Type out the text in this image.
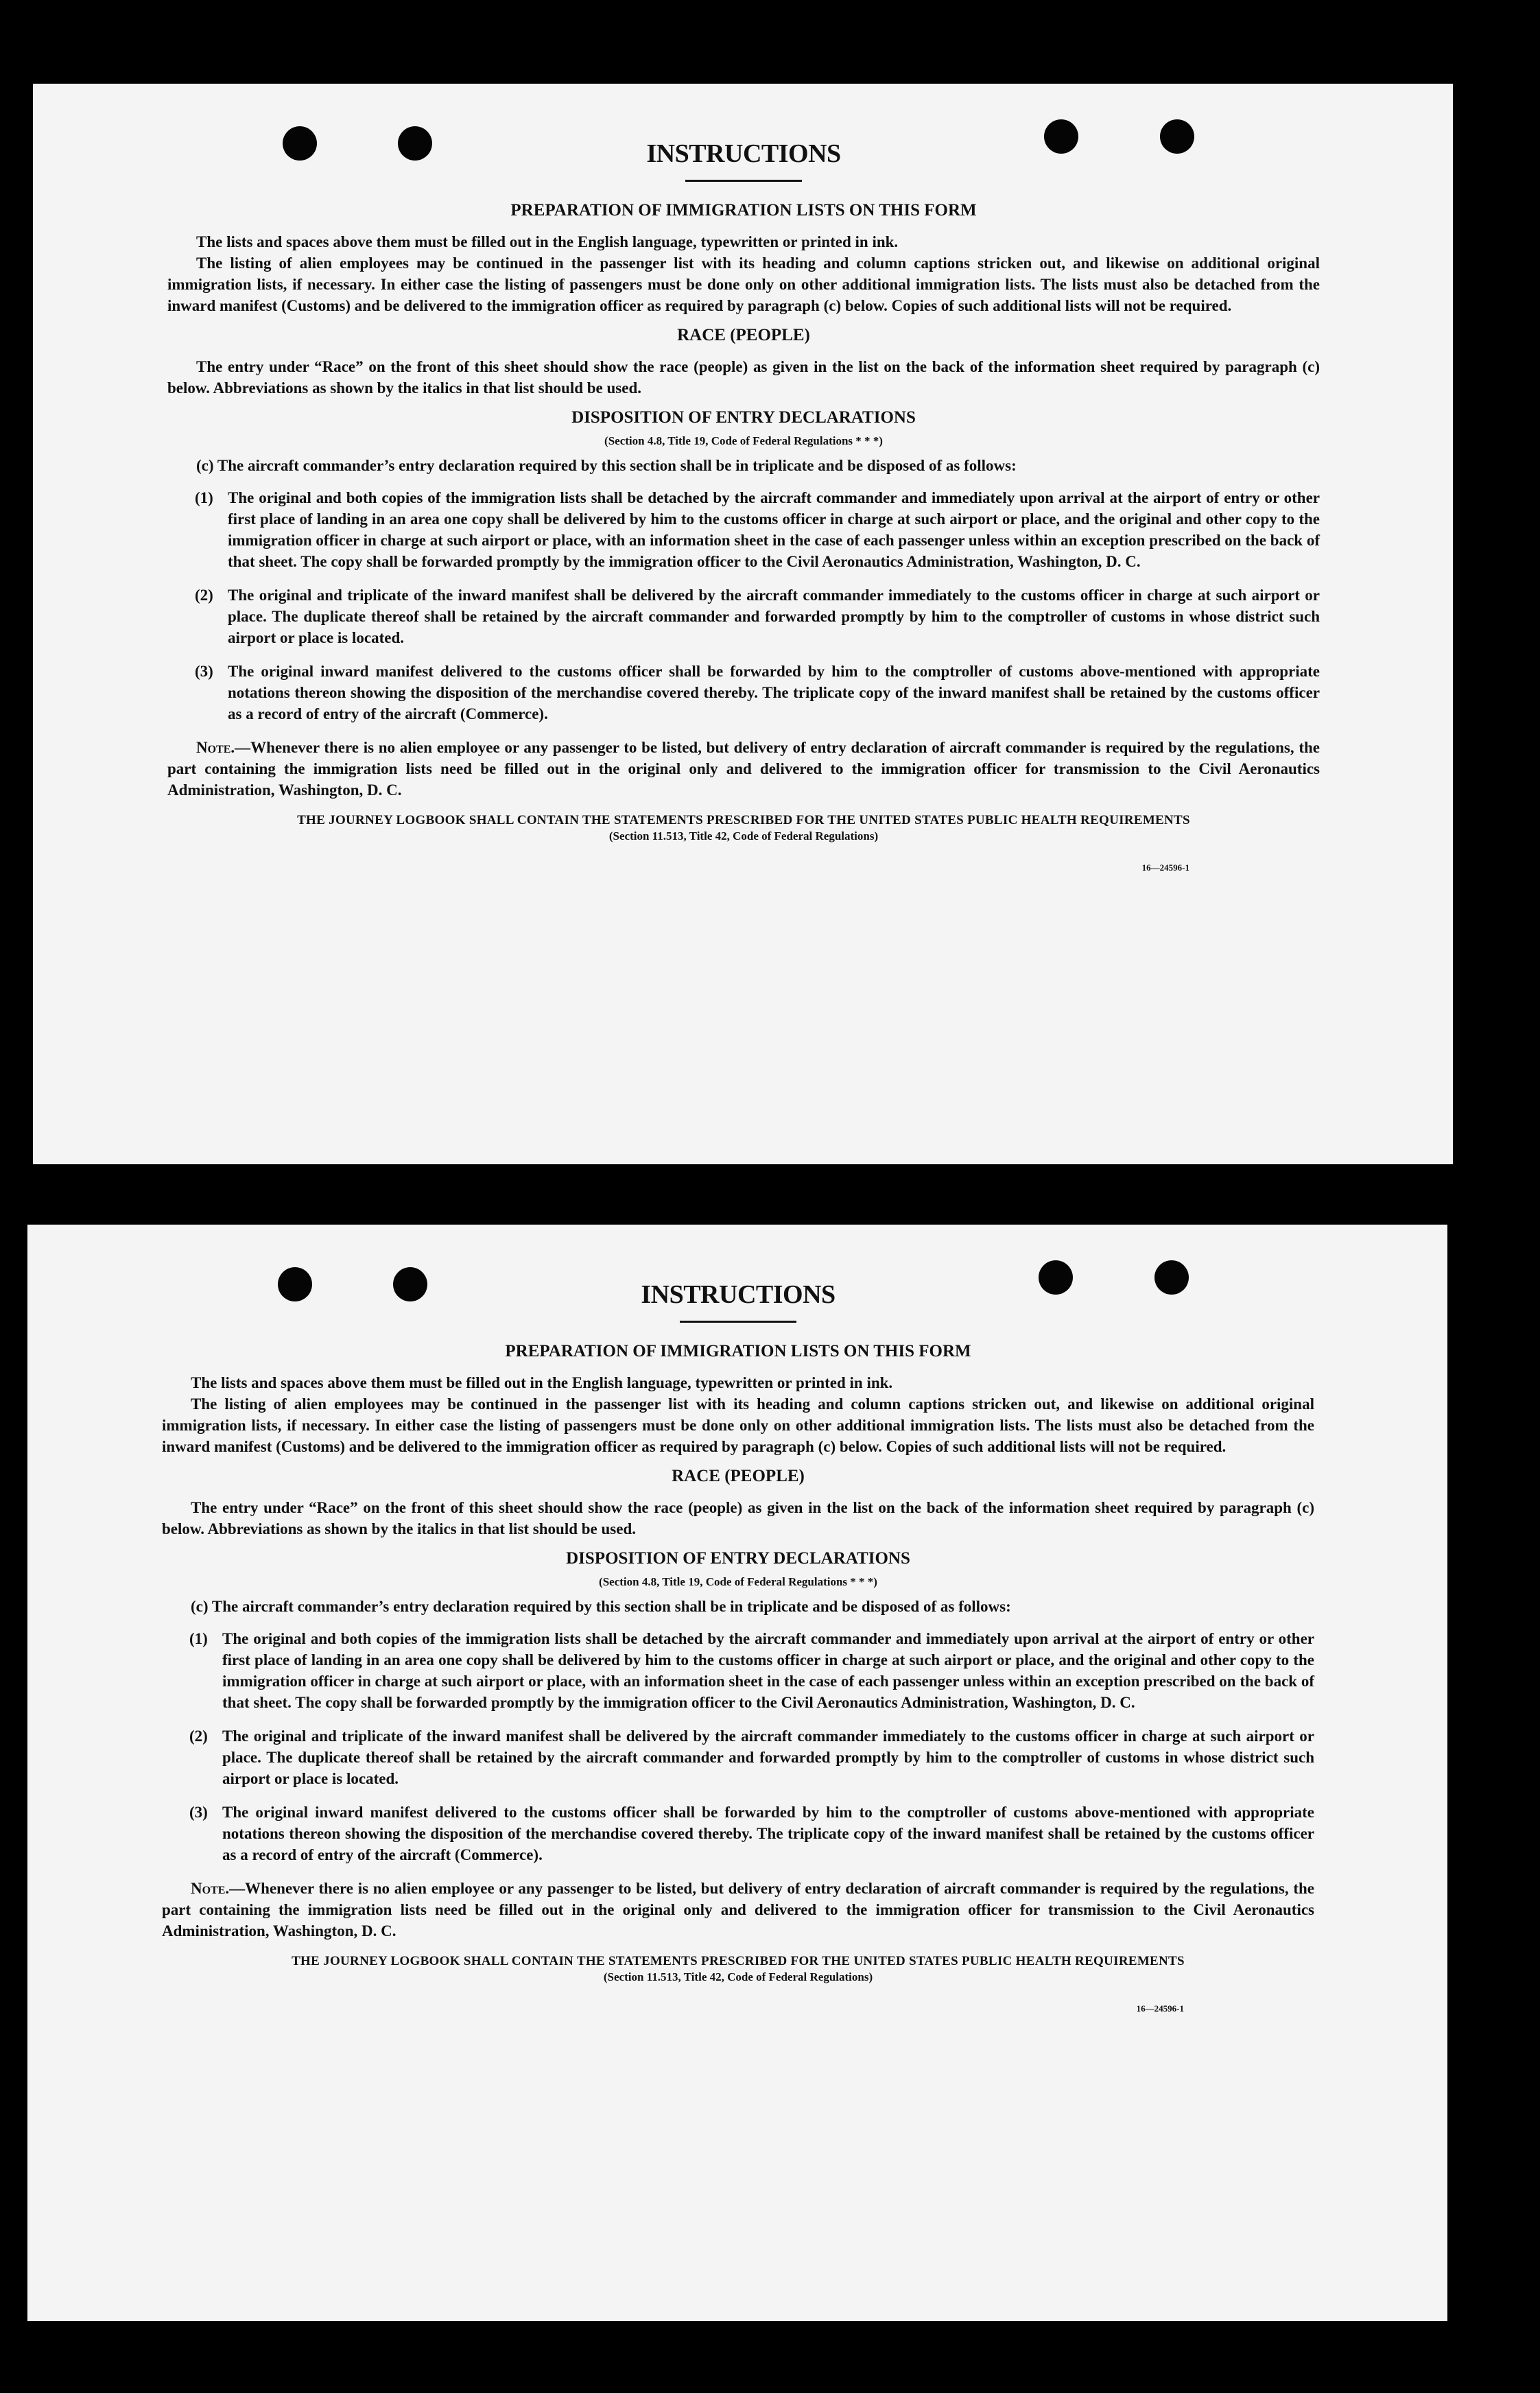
INSTRUCTIONS
PREPARATION OF IMMIGRATION LISTS ON THIS FORM

The lists and spaces above them must be filled out in the English language, typewritten or printed in ink.

The listing of alien employees may be continued in the passenger list with its heading and column captions stricken out, and likewise on additional original immigration lists, if necessary. In either case the listing of passengers must be done only on other additional immigration lists. The lists must also be detached from the inward manifest (Customs) and be delivered to the immigration officer as required by paragraph (c) below. Copies of such additional lists will not be required.

RACE (PEOPLE)

The entry under “Race” on the front of this sheet should show the race (people) as given in the list on the back of the information sheet required by paragraph (c) below. Abbreviations as shown by the italics in that list should be used.

DISPOSITION OF ENTRY DECLARATIONS
(Section 4.8, Title 19, Code of Federal Regulations * * *)

(c) The aircraft commander’s entry declaration required by this section shall be in triplicate and be disposed of as follows:

(1) The original and both copies of the immigration lists shall be detached by the aircraft commander and immediately upon arrival at the airport of entry or other first place of landing in an area one copy shall be delivered by him to the customs officer in charge at such airport or place, and the original and other copy to the immigration officer in charge at such airport or place, with an information sheet in the case of each passenger unless within an exception prescribed on the back of that sheet. The copy shall be forwarded promptly by the immigration officer to the Civil Aeronautics Administration, Washington, D. C.
(2) The original and triplicate of the inward manifest shall be delivered by the aircraft commander immediately to the customs officer in charge at such airport or place. The duplicate thereof shall be retained by the aircraft commander and forwarded promptly by him to the comptroller of customs in whose district such airport or place is located.
(3) The original inward manifest delivered to the customs officer shall be forwarded by him to the comptroller of customs above-mentioned with appropriate notations thereon showing the disposition of the merchandise covered thereby. The triplicate copy of the inward manifest shall be retained by the customs officer as a record of entry of the aircraft (Commerce).

Note.—Whenever there is no alien employee or any passenger to be listed, but delivery of entry declaration of aircraft commander is required by the regulations, the part containing the immigration lists need be filled out in the original only and delivered to the immigration officer for transmission to the Civil Aeronautics Administration, Washington, D. C.

THE JOURNEY LOGBOOK SHALL CONTAIN THE STATEMENTS PRESCRIBED FOR THE UNITED STATES PUBLIC HEALTH REQUIREMENTS
(Section 11.513, Title 42, Code of Federal Regulations)
16—24596-1
INSTRUCTIONS
PREPARATION OF IMMIGRATION LISTS ON THIS FORM

The lists and spaces above them must be filled out in the English language, typewritten or printed in ink.

The listing of alien employees may be continued in the passenger list with its heading and column captions stricken out, and likewise on additional original immigration lists, if necessary. In either case the listing of passengers must be done only on other additional immigration lists. The lists must also be detached from the inward manifest (Customs) and be delivered to the immigration officer as required by paragraph (c) below. Copies of such additional lists will not be required.

RACE (PEOPLE)

The entry under “Race” on the front of this sheet should show the race (people) as given in the list on the back of the information sheet required by paragraph (c) below. Abbreviations as shown by the italics in that list should be used.

DISPOSITION OF ENTRY DECLARATIONS
(Section 4.8, Title 19, Code of Federal Regulations * * *)

(c) The aircraft commander’s entry declaration required by this section shall be in triplicate and be disposed of as follows:

(1) The original and both copies of the immigration lists shall be detached by the aircraft commander and immediately upon arrival at the airport of entry or other first place of landing in an area one copy shall be delivered by him to the customs officer in charge at such airport or place, and the original and other copy to the immigration officer in charge at such airport or place, with an information sheet in the case of each passenger unless within an exception prescribed on the back of that sheet. The copy shall be forwarded promptly by the immigration officer to the Civil Aeronautics Administration, Washington, D. C.
(2) The original and triplicate of the inward manifest shall be delivered by the aircraft commander immediately to the customs officer in charge at such airport or place. The duplicate thereof shall be retained by the aircraft commander and forwarded promptly by him to the comptroller of customs in whose district such airport or place is located.
(3) The original inward manifest delivered to the customs officer shall be forwarded by him to the comptroller of customs above-mentioned with appropriate notations thereon showing the disposition of the merchandise covered thereby. The triplicate copy of the inward manifest shall be retained by the customs officer as a record of entry of the aircraft (Commerce).

Note.—Whenever there is no alien employee or any passenger to be listed, but delivery of entry declaration of aircraft commander is required by the regulations, the part containing the immigration lists need be filled out in the original only and delivered to the immigration officer for transmission to the Civil Aeronautics Administration, Washington, D. C.

THE JOURNEY LOGBOOK SHALL CONTAIN THE STATEMENTS PRESCRIBED FOR THE UNITED STATES PUBLIC HEALTH REQUIREMENTS
(Section 11.513, Title 42, Code of Federal Regulations)
16—24596-1
